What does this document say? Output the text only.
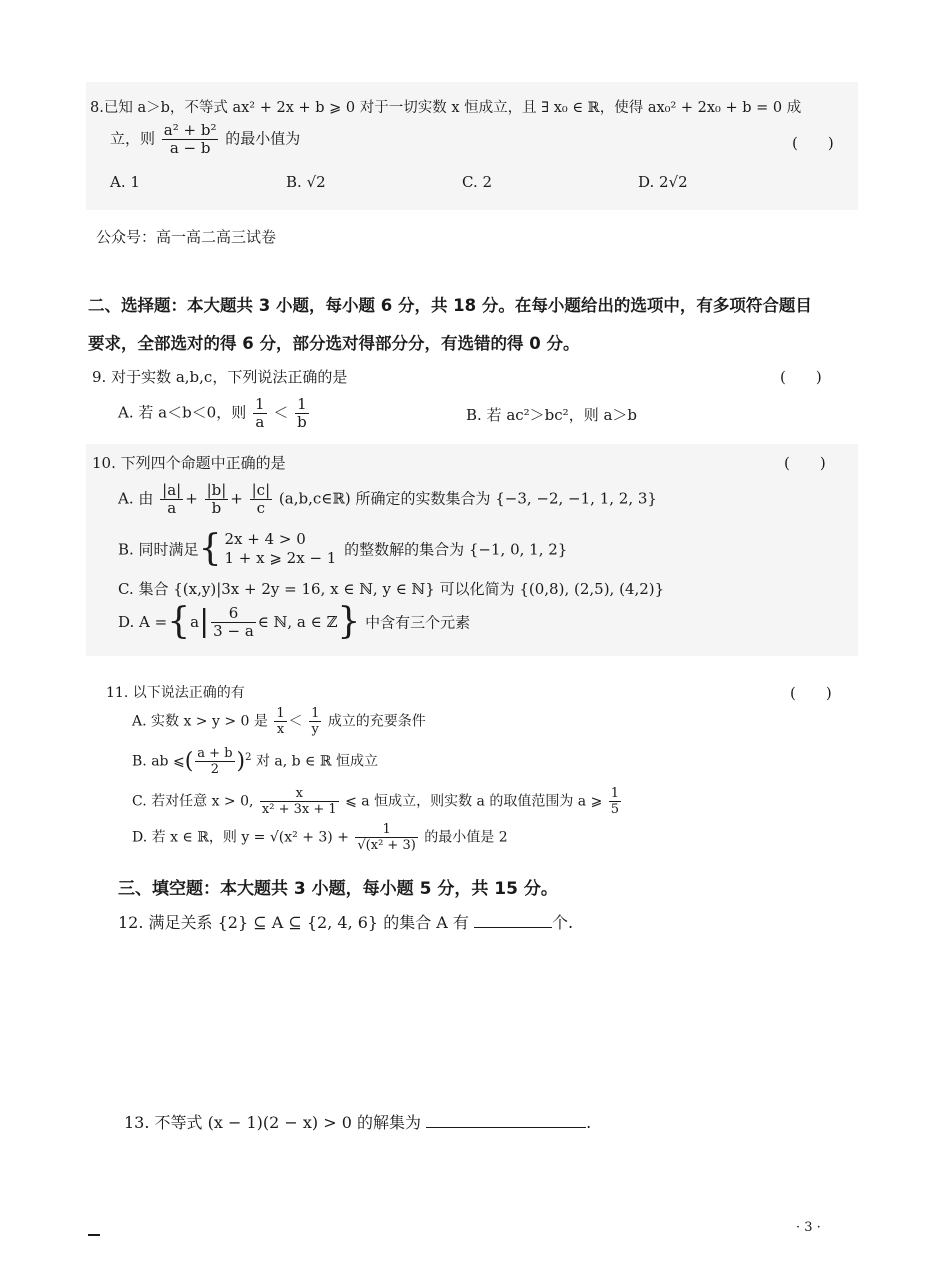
8.已知 a＞b，不等式 ax² + 2x + b ⩾ 0 对于一切实数 x 恒成立，且 ∃ x₀ ∈ ℝ，使得 ax₀² + 2x₀ + b = 0 成
立，则 $\frac{\text{a² + b²}}{a - b}$ 的最小值为	(　　)
A. 1	B. √2	C. 2	D. 2√2
公众号：高一高二高三试卷
二、选择题：本大题共 3 小题，每小题 6 分，共 18 分。在每小题给出的选项中，有多项符合题目
要求，全部选对的得 6 分，部分选对得部分分，有选错的得 0 分。
9. 对于实数 a,b,c，下列说法正确的是	(　　)
A. 若 a＜b＜0，则 $\frac{1}{a} < \frac{1}{b}$	B. 若 ac²＞bc²，则 a＞b
10. 下列四个命题中正确的是	(　　)
A. 由 $\frac{|a|}{a} + \frac{|b|}{b} + \frac{|c|}{c}$ (a,b,c∈ℝ) 所确定的实数集合为 {−3, −2, −1, 1, 2, 3}
B. 同时满足{ 2x + 4 > 0
1 + x ⩾ 2x − 1 的整数解的集合为 {−1, 0, 1, 2}
C. 集合 {(x,y)|3x + 2y = 16, x ∈ ℕ, y ∈ ℕ} 可以化简为 {(0,8), (2,5), (4,2)}
D. $A =\{a| \frac{6}{3 - a}$ ∈ ℕ, a ∈ ℤ} 中含有三个元素
11. 以下说法正确的有	(　　)
A. 实数 x > y > 0 是 $\frac{1}{x} < \frac{1}{y}$ 成立的充要条件
B. ab ⩽( $\frac{a + b}{2} )^2$ 对 a, b ∈ ℝ 恒成立
C. 若对任意 x > 0, $\frac{x}{\text{x² + 3x + 1}}$ ⩽ a 恒成立，则实数 a 的取值范围为 a ⩾ $\frac{1}{5}$
D. 若 x ∈ ℝ，则 $y = √(x^2 + 3) + \frac{1}{\text{√(x² + 3)}}$ 的最小值是 2
三、填空题：本大题共 3 小题，每小题 5 分，共 15 分。
12. 满足关系 {2} ⊆ A ⊆ {2, 4, 6} 的集合 A 有	个.
13. 不等式 (x − 1)(2 − x) > 0 的解集为	.
· 3 ·
